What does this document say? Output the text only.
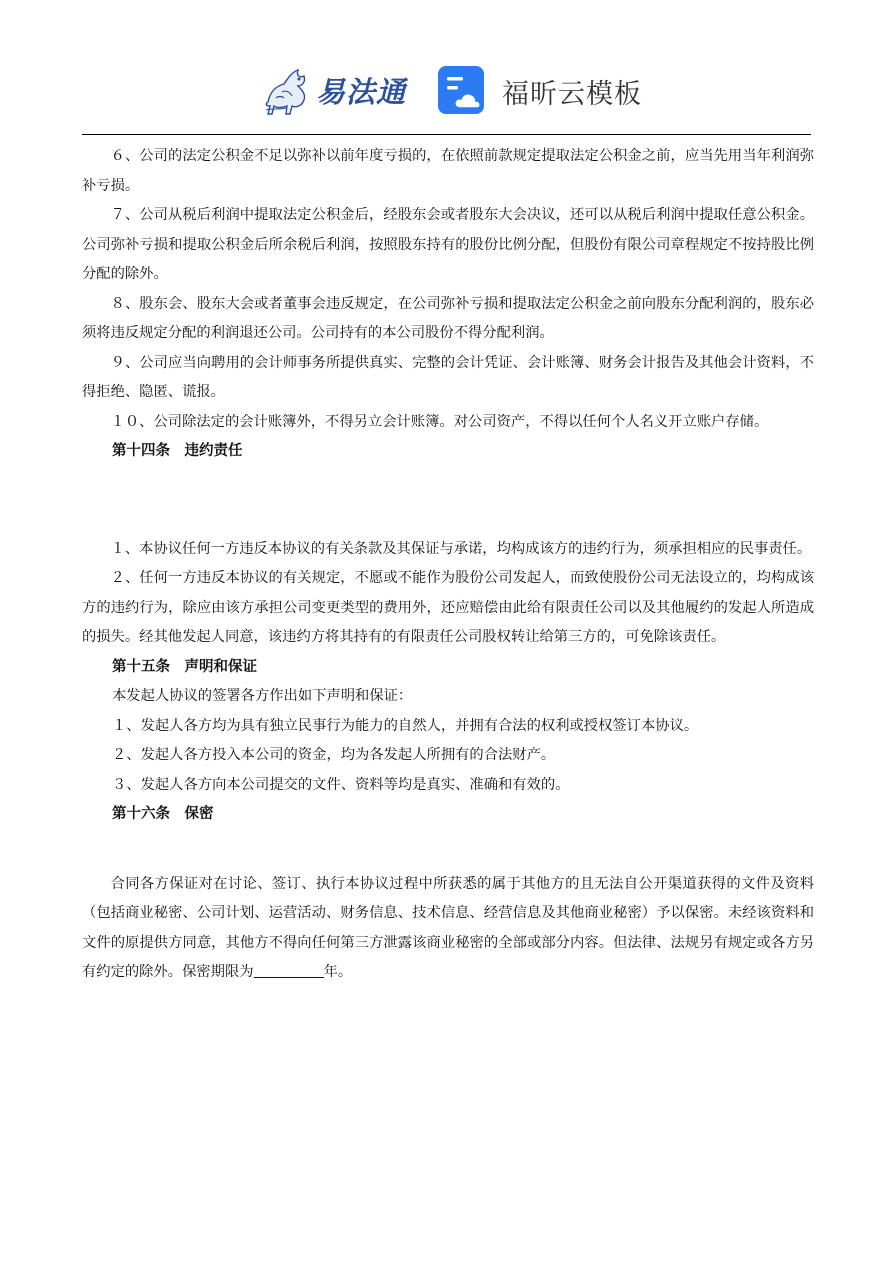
易法通	福昕云模板

６、公司的法定公积金不足以弥补以前年度亏损的，在依照前款规定提取法定公积金之前，应当先用当年利润弥补亏损。

７、公司从税后利润中提取法定公积金后，经股东会或者股东大会决议，还可以从税后利润中提取任意公积金。公司弥补亏损和提取公积金后所余税后利润，按照股东持有的股份比例分配，但股份有限公司章程规定不按持股比例分配的除外。

８、股东会、股东大会或者董事会违反规定，在公司弥补亏损和提取法定公积金之前向股东分配利润的，股东必须将违反规定分配的利润退还公司。公司持有的本公司股份不得分配利润。

９、公司应当向聘用的会计师事务所提供真实、完整的会计凭证、会计账簿、财务会计报告及其他会计资料，不得拒绝、隐匿、谎报。

１０、公司除法定的会计账簿外，不得另立会计账簿。对公司资产，不得以任何个人名义开立账户存储。

第十四条　违约责任

１、本协议任何一方违反本协议的有关条款及其保证与承诺，均构成该方的违约行为，须承担相应的民事责任。

２、任何一方违反本协议的有关规定，不愿或不能作为股份公司发起人，而致使股份公司无法设立的，均构成该方的违约行为，除应由该方承担公司变更类型的费用外，还应赔偿由此给有限责任公司以及其他履约的发起人所造成的损失。经其他发起人同意，该违约方将其持有的有限责任公司股权转让给第三方的，可免除该责任。

第十五条　声明和保证

本发起人协议的签署各方作出如下声明和保证：

１、发起人各方均为具有独立民事行为能力的自然人，并拥有合法的权利或授权签订本协议。

２、发起人各方投入本公司的资金，均为各发起人所拥有的合法财产。

３、发起人各方向本公司提交的文件、资料等均是真实、准确和有效的。

第十六条　保密

合同各方保证对在讨论、签订、执行本协议过程中所获悉的属于其他方的且无法自公开渠道获得的文件及资料（包括商业秘密、公司计划、运营活动、财务信息、技术信息、经营信息及其他商业秘密）予以保密。未经该资料和文件的原提供方同意，其他方不得向任何第三方泄露该商业秘密的全部或部分内容。但法律、法规另有规定或各方另有约定的除外。保密期限为	年。
